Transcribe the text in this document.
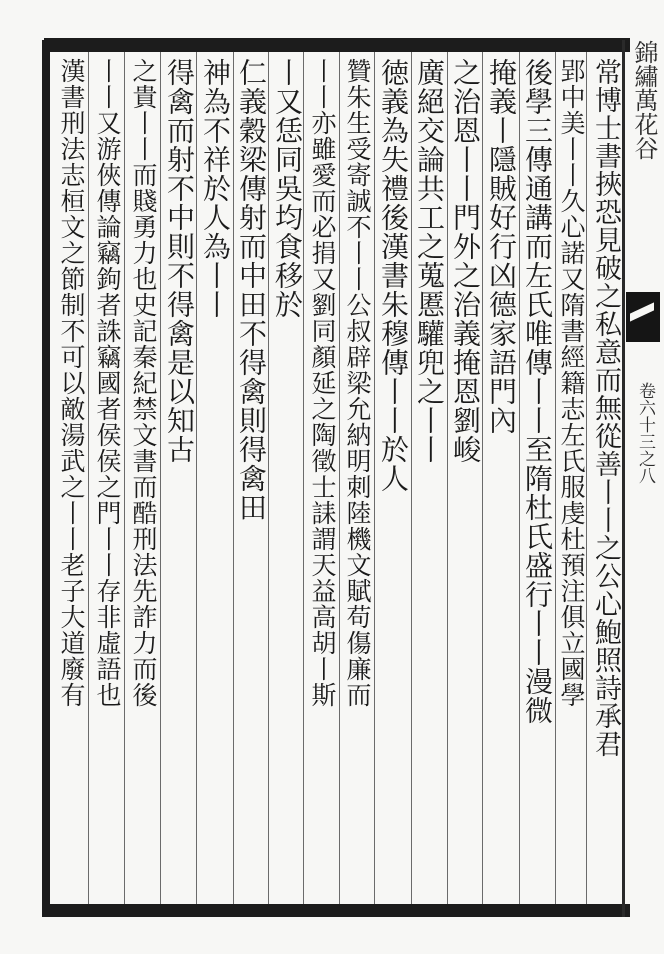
常博士書挾恐見破之私意而無從善丨丨之公心鮑照詩承君
郢中美丨丨久心諾又隋書經籍志左氏服虔杜預注俱立國學
後學三傳通講而左氏唯傳丨丨至隋杜氏盛行丨丨漫微
掩義丨隱賊好行凶德家語門內
之治恩丨丨門外之治義掩恩劉峻
廣絕交論共工之蒐慝驩兜之丨丨
徳義為失禮後漢書朱穆傳丨丨於人
贊朱生受寄誠不丨丨公叔辟梁允納明刺陸機文賦苟傷廉而
丨丨亦雖愛而必捐又劉同顏延之陶徵士誄謂天益高胡丨斯
丨又恁同吳均食移於
仁義穀梁傳射而中田不得禽則得禽田
神為不祥於人為丨丨
得禽而射不中則不得禽是以知古
之貴丨丨而賤勇力也史記秦紀禁文書而酷刑法先詐力而後
丨丨又游俠傳論竊鉤者誅竊國者侯侯之門丨丨存非虛語也
漢書刑法志桓文之節制不可以敵湯武之丨丨老子大道廢有	錦繡萬花谷
卷六十三之八
